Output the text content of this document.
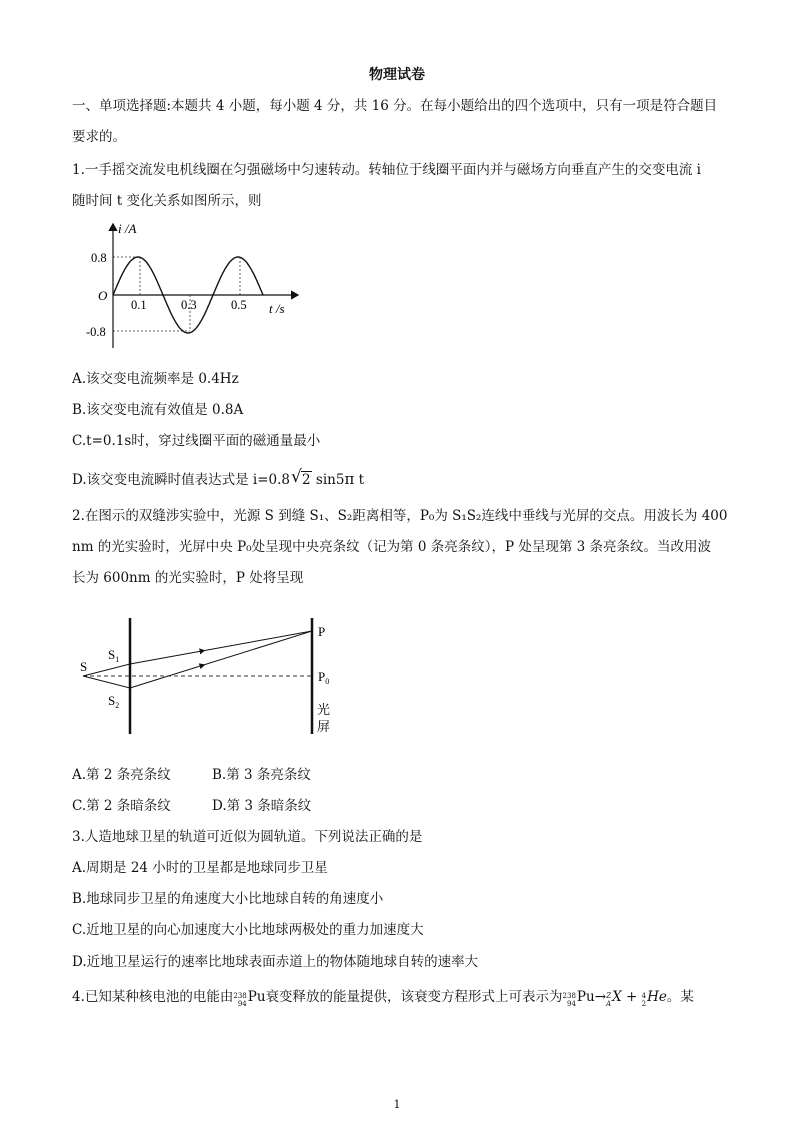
物理试卷
一、单项选择题:本题共 4 小题，每小题 4 分，共 16 分。在每小题给出的四个选项中，只有一项是符合题目
要求的。
1.一手摇交流发电机线圈在匀强磁场中匀速转动。转轴位于线圈平面内并与磁场方向垂直产生的交变电流 i
随时间 t 变化关系如图所示，则
i /A
0.8
O
-0.8
0.1	0.3	0.5 t /s
A.该交变电流频率是 0.4Hz
B.该交变电流有效值是 0.8A
C.t=0.1s时，穿过线圈平面的磁通量最小
D.该交变电流瞬时值表达式是 i=0.8√ 2 sin5π t
2.在图示的双缝涉实验中，光源 S 到缝 S₁、S₂距离相等，P₀为 S₁S₂连线中垂线与光屏的交点。用波长为 400
nm 的光实验时，光屏中央 P₀处呈现中央亮条纹（记为第 0 条亮条纹），P 处呈现第 3 条亮条纹。当改用波
长为 600nm 的光实验时，P 处将呈现
S
$S_1$
$S_2$
P
$P_0$
光
屏
A.第 2 条亮条纹	B.第 3 条亮条纹
C.第 2 条暗条纹	D.第 3 条暗条纹
3.人造地球卫星的轨道可近似为圆轨道。下列说法正确的是
A.周期是 24 小时的卫星都是地球同步卫星
B.地球同步卫星的角速度大小比地球自转的角速度小
C.近地卫星的向心加速度大小比地球两极处的重力加速度大
D.近地卫星运行的速率比地球表面赤道上的物体随地球自转的速率大
4.已知某种核电池的电能由 238
94 Pu衰变释放的能量提供，该衰变方程形式上可表示为 238
94 Pu→ Z
A X + 4
2 He。某
1
